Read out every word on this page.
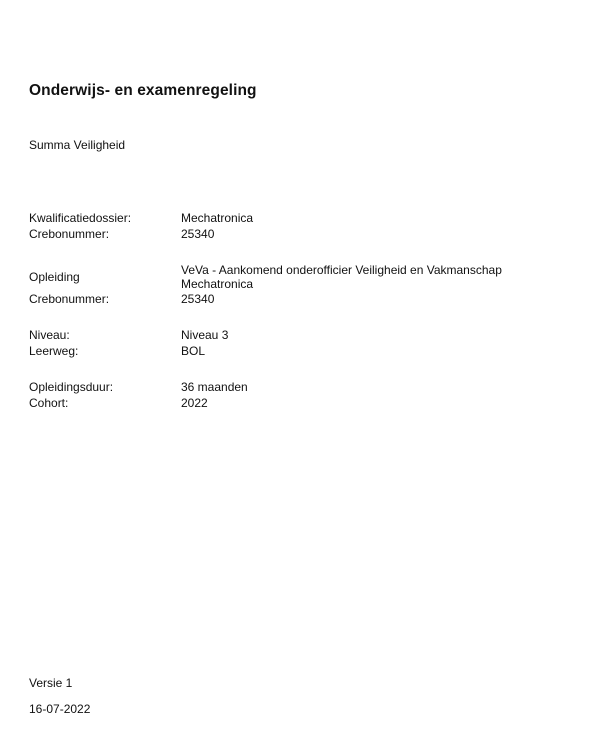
Onderwijs- en examenregeling
Summa Veiligheid
Kwalificatiedossier:	Mechatronica
Crebonummer:	25340
Opleiding	VeVa - Aankomend onderofficier Veiligheid en Vakmanschap
Mechatronica
Crebonummer:	25340
Niveau:	Niveau 3
Leerweg:	BOL
Opleidingsduur:	36 maanden
Cohort:	2022
Versie 1
16-07-2022
